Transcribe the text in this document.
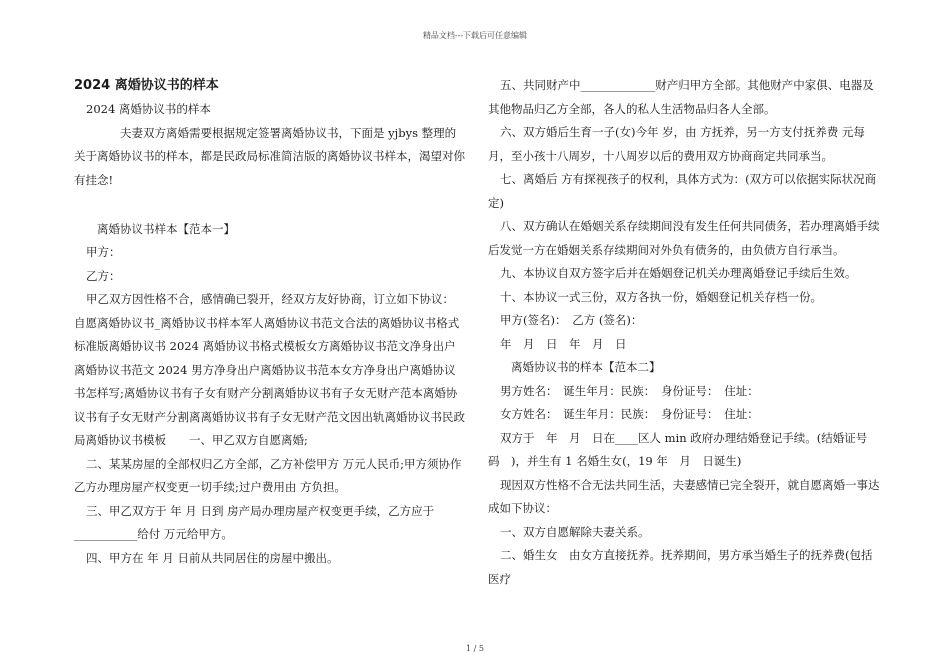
精品文档---下载后可任意编辑

2024 离婚协议书的样本

2024 离婚协议书的样本

夫妻双方离婚需要根据规定签署离婚协议书，下面是 yjbys 整理的关于离婚协议书的样本，都是民政局标准简洁版的离婚协议书样本，渴望对你有挂念!

离婚协议书样本【范本一】

甲方：

乙方：

甲乙双方因性格不合，感情确已裂开，经双方友好协商，订立如下协议：

自愿离婚协议书_离婚协议书样本军人离婚协议书范文合法的离婚协议书格式标准版离婚协议书 2024 离婚协议书格式模板女方离婚协议书范文净身出户离婚协议书范文 2024 男方净身出户离婚协议书范本女方净身出户离婚协议书怎样写;离婚协议书有子女有财产分割离婚协议书有子女无财产范本离婚协议书有子女无财产分割离离婚协议书有子女无财产范文因出轨离婚协议书民政局离婚协议书模板　　一、甲乙双方自愿离婚;

二、某某房屋的全部权归乙方全部，乙方补偿甲方 万元人民币;甲方须协作乙方办理房屋产权变更一切手续;过户费用由 方负担。

三、甲乙双方于 年 月 日到 房产局办理房屋产权变更手续，乙方应于___________给付 万元给甲方。

四、甲方在 年 月 日前从共同居住的房屋中搬出。

五、共同财产中_____________财产归甲方全部。其他财产中家俱、电器及其他物品归乙方全部，各人的私人生活物品归各人全部。

六、双方婚后生育一子(女)今年 岁，由 方抚养，另一方支付抚养费 元每月，至小孩十八周岁，十八周岁以后的费用双方协商商定共同承当。

七、离婚后 方有探视孩子的权利，具体方式为：(双方可以依据实际状况商定)

八、双方确认在婚姻关系存续期间没有发生任何共同债务，若办理离婚手续后发觉一方在婚姻关系存续期间对外负有债务的，由负债方自行承当。

九、本协议自双方签字后并在婚姻登记机关办理离婚登记手续后生效。

十、本协议一式三份，双方各执一份，婚姻登记机关存档一份。

甲方(签名)：　乙方 (签名)：

年　月　日　年　月　日

离婚协议书的样本【范本二】

男方姓名：　诞生年月：民族：　身份证号：　住址：

女方姓名：　诞生年月：民族：　身份证号：　住址：

双方于　年　月　日在____区人 min 政府办理结婚登记手续。(结婚证号码　)，并生有 1 名婚生女(，19 年　月　日诞生)

现因双方性格不合无法共同生活，夫妻感情已完全裂开，就自愿离婚一事达成如下协议：

一、双方自愿解除夫妻关系。

二、婚生女　由女方直接抚养。抚养期间，男方承当婚生子的抚养费(包括医疗

1 / 5
